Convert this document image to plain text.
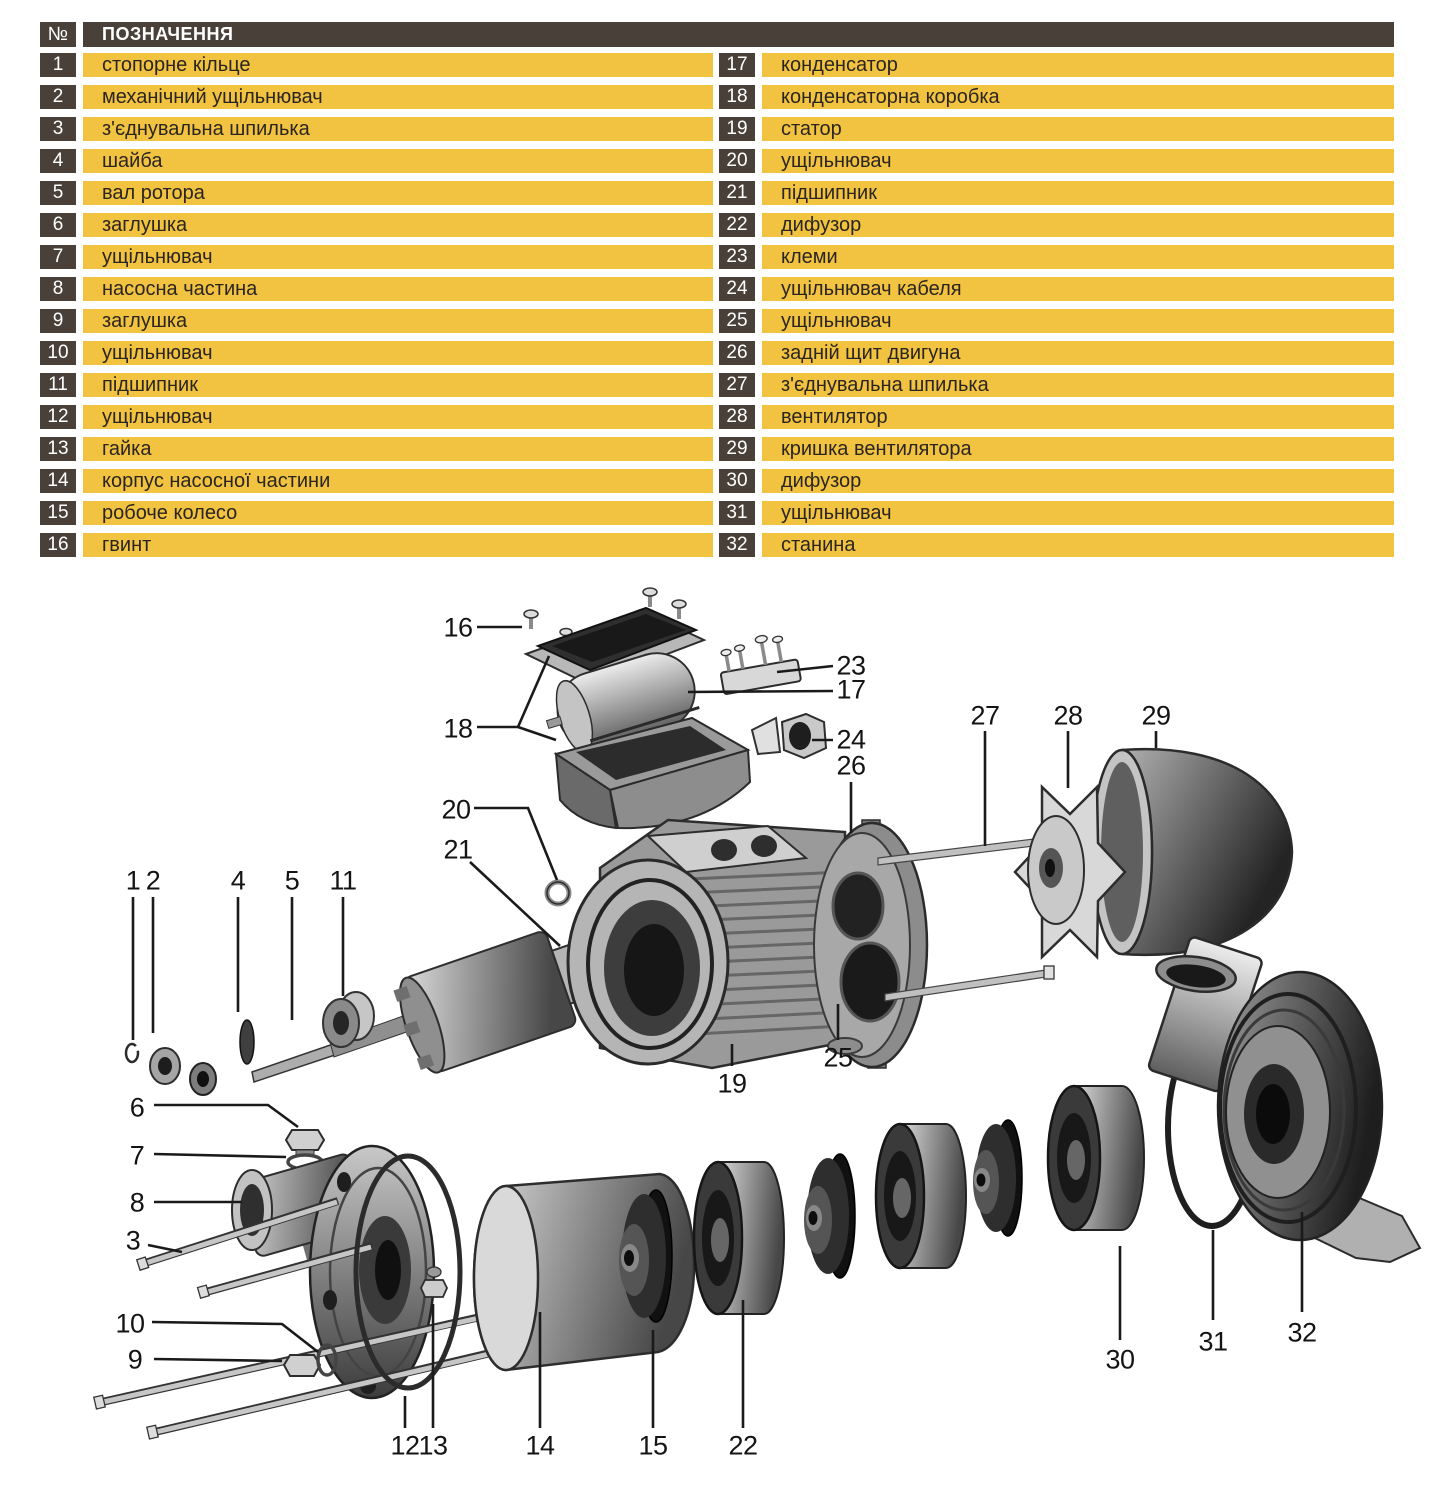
№	ПОЗНАЧЕННЯ
1	стопорне кільце
2	механічний ущільнювач
3	з'єднувальна шпилька
4	шайба
5	вал ротора
6	заглушка
7	ущільнювач
8	насосна частина
9	заглушка
10	ущільнювач
11	підшипник
12	ущільнювач
13	гайка
14	корпус насосної частини
15	робоче колесо
16	гвинт
17	конденсатор
18	конденсаторна коробка
19	статор
20	ущільнювач
21	підшипник
22	дифузор
23	клеми
24	ущільнювач кабеля
25	ущільнювач
26	задній щит двигуна
27	з'єднувальна шпилька
28	вентилятор
29	кришка вентилятора
30	дифузор
31	ущільнювач
32	станина
16
18
23
17
24
26
27 28 29
20
21
1 2	4 5 11
19
25
6
7
8
3
10
9
12
13	14	15 22
30
31 32
